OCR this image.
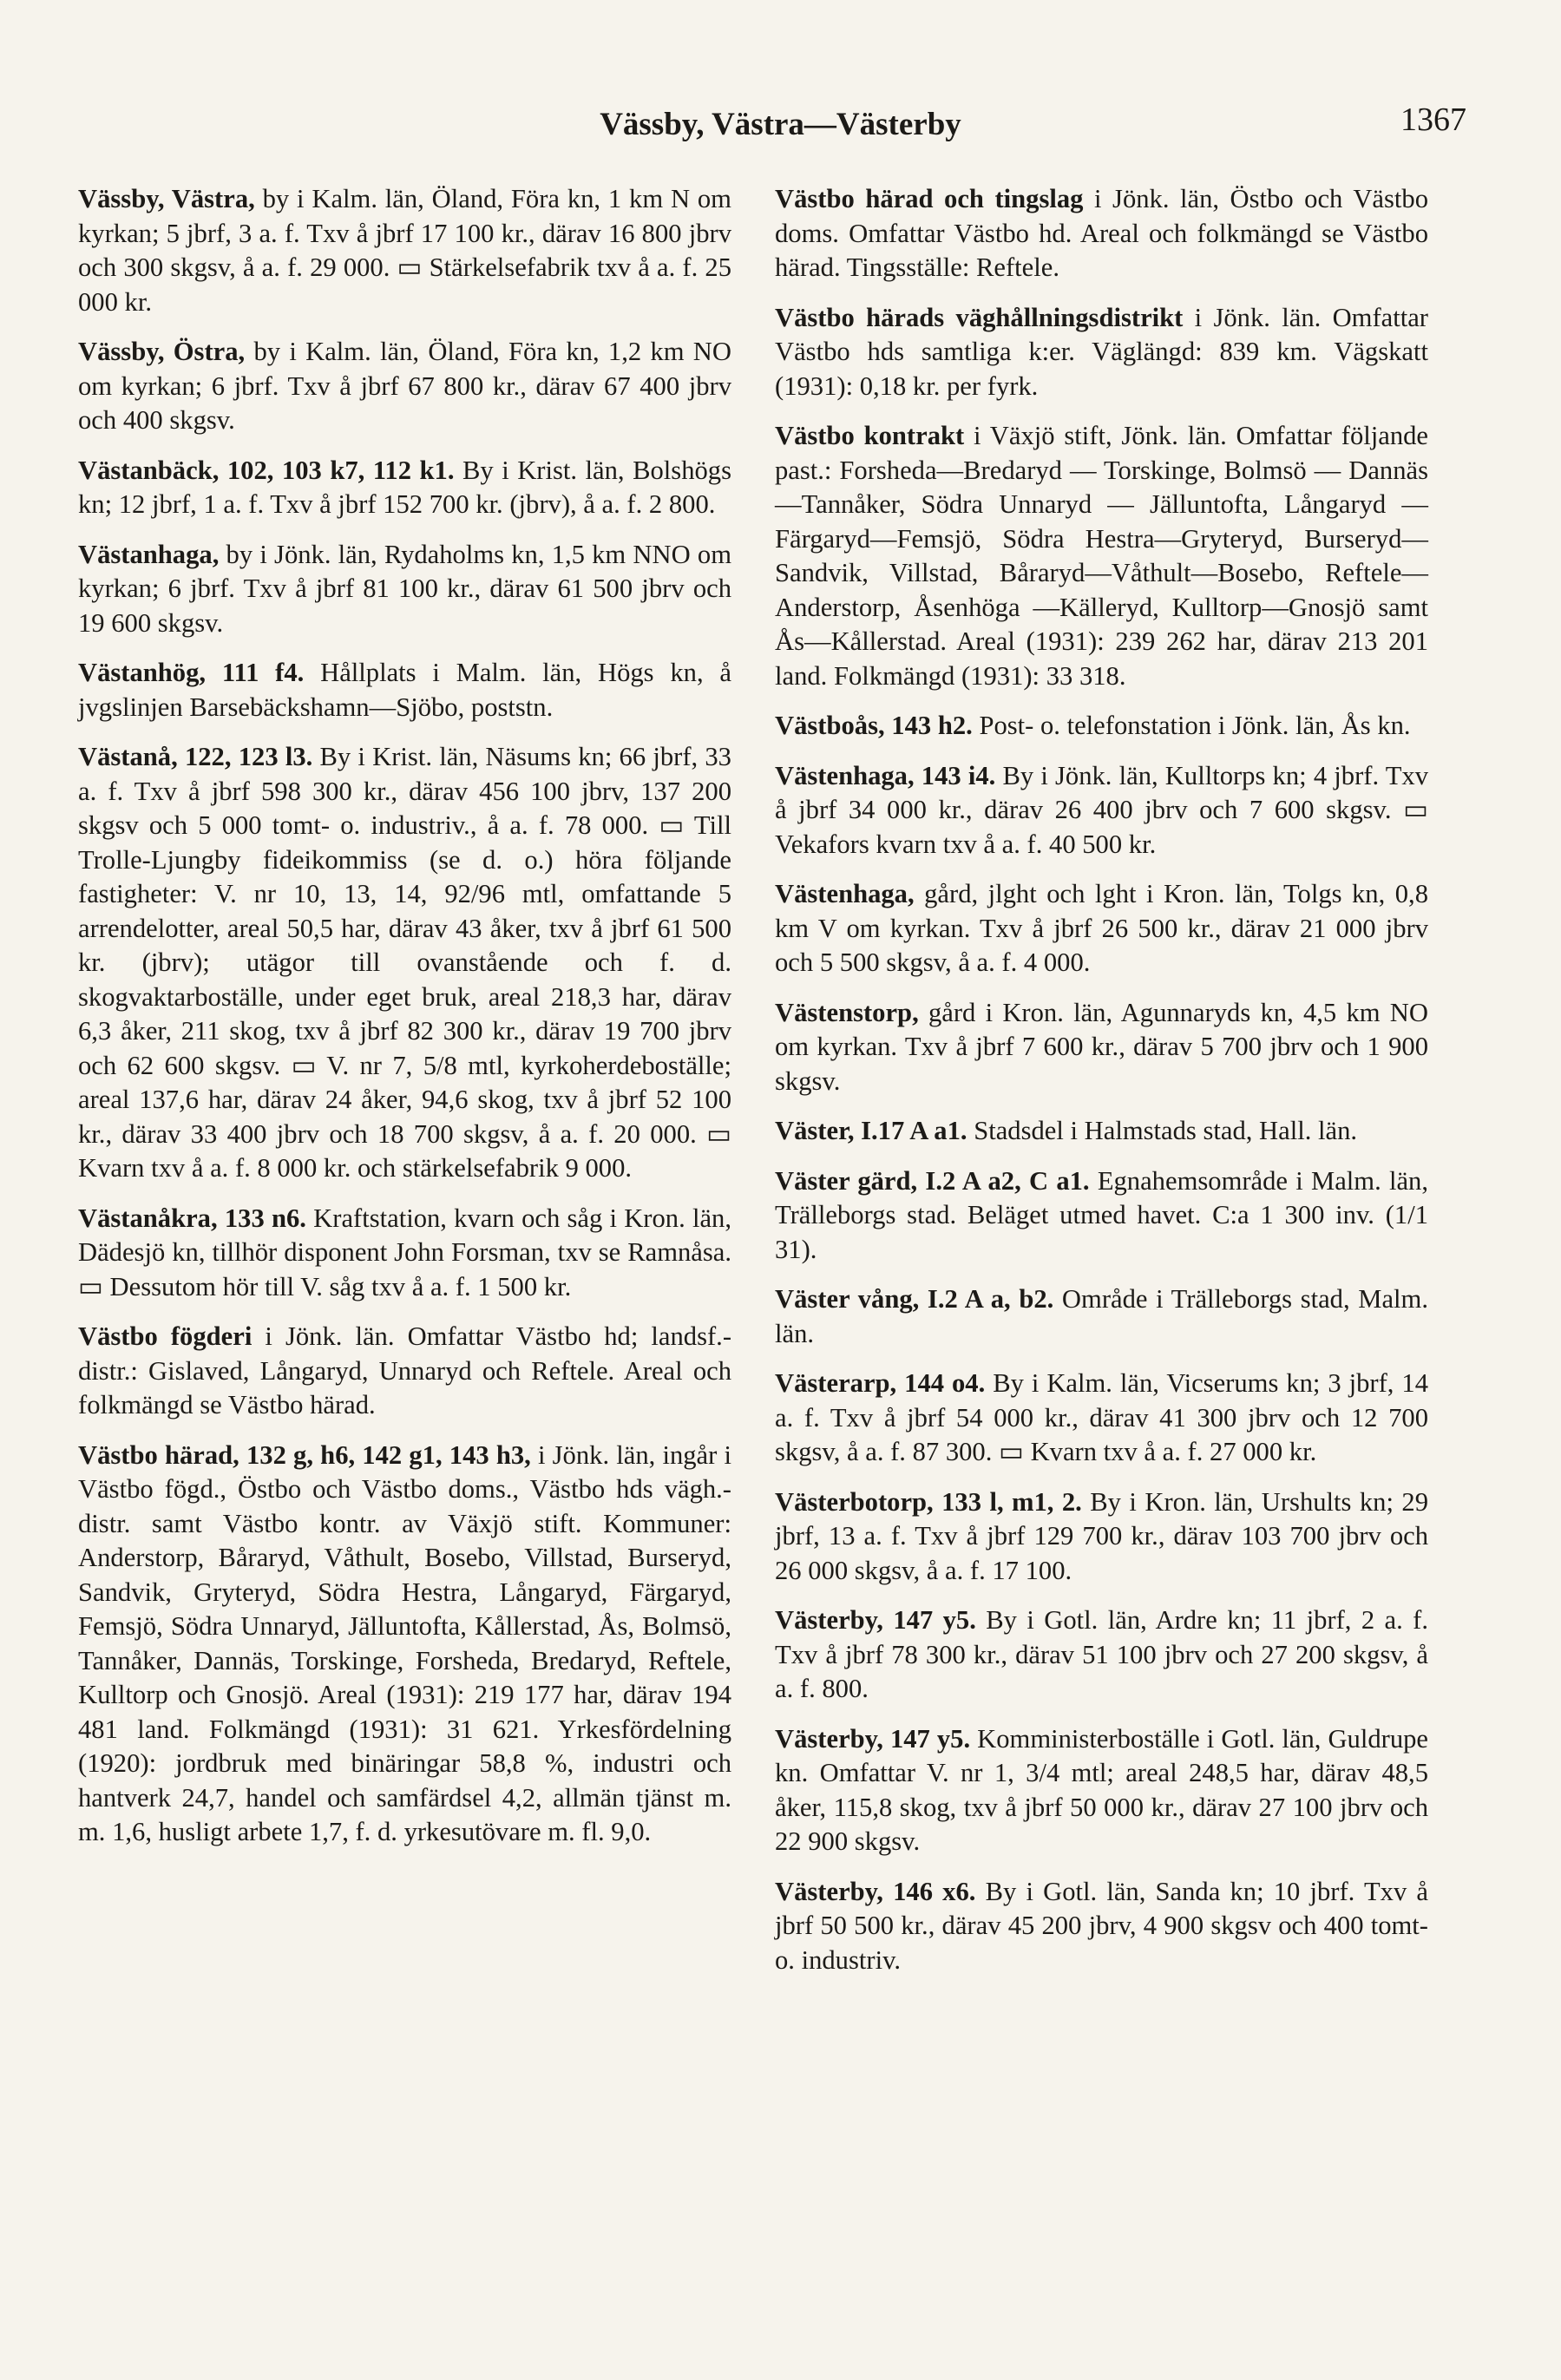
Vässby, Västra—Västerby	1367

Vässby, Västra, by i Kalm. län, Öland, Föra kn, 1 km N om kyrkan; 5 jbrf, 3 a. f. Txv å jbrf 17 100 kr., därav 16 800 jbrv och 300 skgsv, å a. f. 29 000. ▭ Stärkelsefabrik txv å a. f. 25 000 kr.

Vässby, Östra, by i Kalm. län, Öland, Föra kn, 1,2 km NO om kyrkan; 6 jbrf. Txv å jbrf 67 800 kr., därav 67 400 jbrv och 400 skgsv.

Västanbäck, 102, 103 k7, 112 k1. By i Krist. län, Bolshögs kn; 12 jbrf, 1 a. f. Txv å jbrf 152 700 kr. (jbrv), å a. f. 2 800.

Västanhaga, by i Jönk. län, Rydaholms kn, 1,5 km NNO om kyrkan; 6 jbrf. Txv å jbrf 81 100 kr., därav 61 500 jbrv och 19 600 skgsv.

Västanhög, 111 f4. Hållplats i Malm. län, Högs kn, å jvgslinjen Barsebäckshamn—Sjöbo, poststn.

Västanå, 122, 123 l3. By i Krist. län, Näsums kn; 66 jbrf, 33 a. f. Txv å jbrf 598 300 kr., därav 456 100 jbrv, 137 200 skgsv och 5 000 tomt- o. industriv., å a. f. 78 000. ▭ Till Trolle-Ljungby fideikommiss (se d. o.) höra följande fastigheter: V. nr 10, 13, 14, 92/96 mtl, omfattande 5 arrendelotter, areal 50,5 har, därav 43 åker, txv å jbrf 61 500 kr. (jbrv); utägor till ovanstående och f. d. skogvaktarboställe, under eget bruk, areal 218,3 har, därav 6,3 åker, 211 skog, txv å jbrf 82 300 kr., därav 19 700 jbrv och 62 600 skgsv. ▭ V. nr 7, 5/8 mtl, kyrkoherdeboställe; areal 137,6 har, därav 24 åker, 94,6 skog, txv å jbrf 52 100 kr., därav 33 400 jbrv och 18 700 skgsv, å a. f. 20 000. ▭ Kvarn txv å a. f. 8 000 kr. och stärkelsefabrik 9 000.

Västanåkra, 133 n6. Kraftstation, kvarn och såg i Kron. län, Dädesjö kn, tillhör disponent John Forsman, txv se Ramnåsa. ▭ Dessutom hör till V. såg txv å a. f. 1 500 kr.

Västbo fögderi i Jönk. län. Omfattar Västbo hd; landsf.-distr.: Gislaved, Långaryd, Unnaryd och Reftele. Areal och folkmängd se Västbo härad.

Västbo härad, 132 g, h6, 142 g1, 143 h3, i Jönk. län, ingår i Västbo fögd., Östbo och Västbo doms., Västbo hds vägh.-distr. samt Västbo kontr. av Växjö stift. Kommuner: Anderstorp, Båraryd, Våthult, Bosebo, Villstad, Burseryd, Sandvik, Gryteryd, Södra Hestra, Långaryd, Färgaryd, Femsjö, Södra Unnaryd, Jälluntofta, Kållerstad, Ås, Bolmsö, Tannåker, Dannäs, Torskinge, Forsheda, Bredaryd, Reftele, Kulltorp och Gnosjö. Areal (1931): 219 177 har, därav 194 481 land. Folkmängd (1931): 31 621. Yrkesfördelning (1920): jordbruk med binäringar 58,8 %, industri och hantverk 24,7, handel och samfärdsel 4,2, allmän tjänst m. m. 1,6, husligt arbete 1,7, f. d. yrkesutövare m. fl. 9,0.

Västbo härad och tingslag i Jönk. län, Östbo och Västbo doms. Omfattar Västbo hd. Areal och folkmängd se Västbo härad. Tingsställe: Reftele.

Västbo härads väghållningsdistrikt i Jönk. län. Omfattar Västbo hds samtliga k:er. Väglängd: 839 km. Vägskatt (1931): 0,18 kr. per fyrk.

Västbo kontrakt i Växjö stift, Jönk. län. Omfattar följande past.: Forsheda—Bredaryd — Torskinge, Bolmsö — Dannäs —Tannåker, Södra Unnaryd — Jälluntofta, Långaryd — Färgaryd—Femsjö, Södra Hestra—Gryteryd, Burseryd—Sandvik, Villstad, Båraryd—Våthult—Bosebo, Reftele—Anderstorp, Åsenhöga —Källeryd, Kulltorp—Gnosjö samt Ås—Kållerstad. Areal (1931): 239 262 har, därav 213 201 land. Folkmängd (1931): 33 318.

Västboås, 143 h2. Post- o. telefonstation i Jönk. län, Ås kn.

Västenhaga, 143 i4. By i Jönk. län, Kulltorps kn; 4 jbrf. Txv å jbrf 34 000 kr., därav 26 400 jbrv och 7 600 skgsv. ▭ Vekafors kvarn txv å a. f. 40 500 kr.

Västenhaga, gård, jlght och lght i Kron. län, Tolgs kn, 0,8 km V om kyrkan. Txv å jbrf 26 500 kr., därav 21 000 jbrv och 5 500 skgsv, å a. f. 4 000.

Västenstorp, gård i Kron. län, Agunnaryds kn, 4,5 km NO om kyrkan. Txv å jbrf 7 600 kr., därav 5 700 jbrv och 1 900 skgsv.

Väster, I.17 A a1. Stadsdel i Halmstads stad, Hall. län.

Väster gärd, I.2 A a2, C a1. Egnahemsområde i Malm. län, Trälleborgs stad. Beläget utmed havet. C:a 1 300 inv. (1/1 31).

Väster vång, I.2 A a, b2. Område i Trälleborgs stad, Malm. län.

Västerarp, 144 o4. By i Kalm. län, Vicserums kn; 3 jbrf, 14 a. f. Txv å jbrf 54 000 kr., därav 41 300 jbrv och 12 700 skgsv, å a. f. 87 300. ▭ Kvarn txv å a. f. 27 000 kr.

Västerbotorp, 133 l, m1, 2. By i Kron. län, Urshults kn; 29 jbrf, 13 a. f. Txv å jbrf 129 700 kr., därav 103 700 jbrv och 26 000 skgsv, å a. f. 17 100.

Västerby, 147 y5. By i Gotl. län, Ardre kn; 11 jbrf, 2 a. f. Txv å jbrf 78 300 kr., därav 51 100 jbrv och 27 200 skgsv, å a. f. 800.

Västerby, 147 y5. Komministerboställe i Gotl. län, Guldrupe kn. Omfattar V. nr 1, 3/4 mtl; areal 248,5 har, därav 48,5 åker, 115,8 skog, txv å jbrf 50 000 kr., därav 27 100 jbrv och 22 900 skgsv.

Västerby, 146 x6. By i Gotl. län, Sanda kn; 10 jbrf. Txv å jbrf 50 500 kr., därav 45 200 jbrv, 4 900 skgsv och 400 tomt- o. industriv.
